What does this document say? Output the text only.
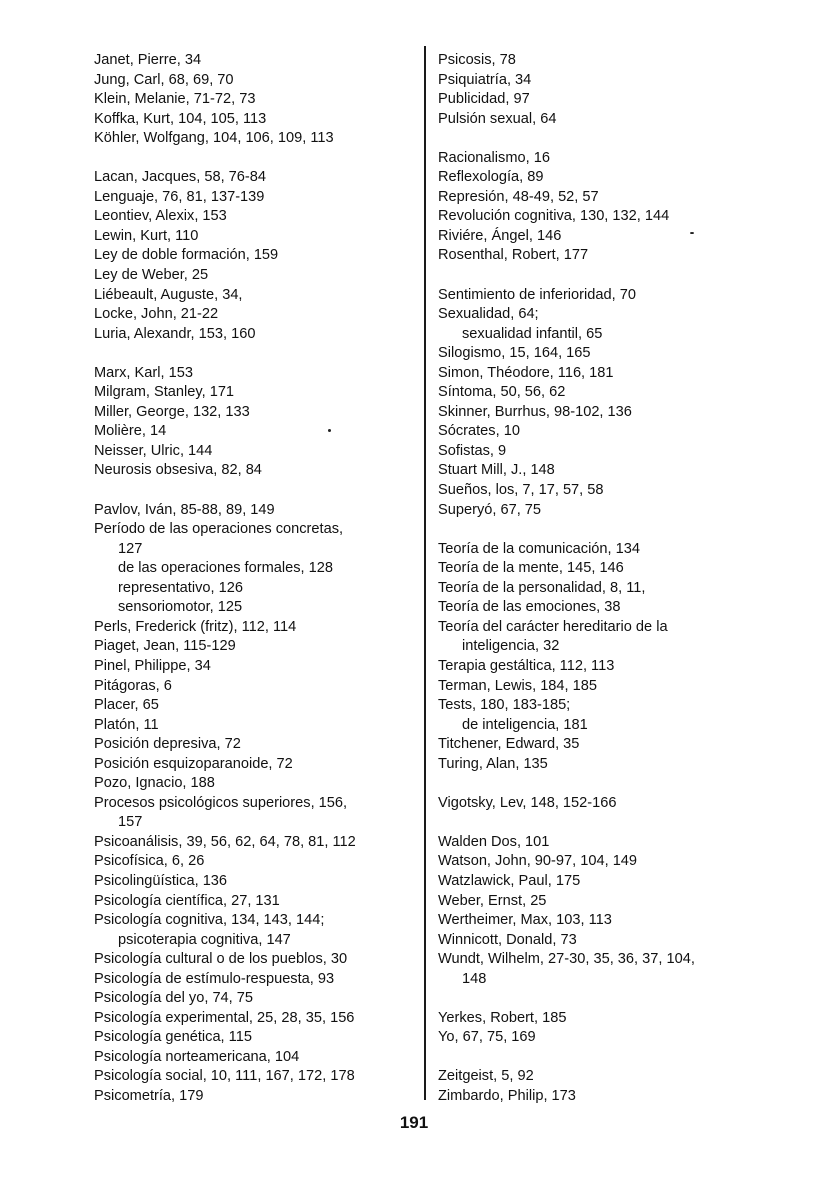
Janet, Pierre, 34
Jung, Carl, 68, 69, 70
Klein, Melanie, 71-72, 73
Koffka, Kurt, 104, 105, 113
Köhler, Wolfgang, 104, 106, 109, 113
Lacan, Jacques, 58, 76-84
Lenguaje, 76, 81, 137-139
Leontiev, Alexix, 153
Lewin, Kurt, 110
Ley de doble formación, 159
Ley de Weber, 25
Liébeault, Auguste, 34,
Locke, John, 21-22
Luria, Alexandr, 153, 160
Marx, Karl, 153
Milgram, Stanley, 171
Miller, George, 132, 133
Molière, 14
Neisser, Ulric, 144
Neurosis obsesiva, 82, 84
Pavlov, Iván, 85-88, 89, 149
Período de las operaciones concretas,
127
de las operaciones formales, 128
representativo, 126
sensoriomotor, 125
Perls, Frederick (fritz), 112, 114
Piaget, Jean, 115-129
Pinel, Philippe, 34
Pitágoras, 6
Placer, 65
Platón, 11
Posición depresiva, 72
Posición esquizoparanoide, 72
Pozo, Ignacio, 188
Procesos psicológicos superiores, 156,
157
Psicoanálisis, 39, 56, 62, 64, 78, 81, 112
Psicofísica, 6, 26
Psicolingüística, 136
Psicología científica, 27, 131
Psicología cognitiva, 134, 143, 144;
psicoterapia cognitiva, 147
Psicología cultural o de los pueblos, 30
Psicología de estímulo-respuesta, 93
Psicología del yo, 74, 75
Psicología experimental, 25, 28, 35, 156
Psicología genética, 115
Psicología norteamericana, 104
Psicología social, 10, 111, 167, 172, 178
Psicometría, 179
Psicosis, 78
Psiquiatría, 34
Publicidad, 97
Pulsión sexual, 64
Racionalismo, 16
Reflexología, 89
Represión, 48-49, 52, 57
Revolución cognitiva, 130, 132, 144
Riviére, Ángel, 146
Rosenthal, Robert, 177
Sentimiento de inferioridad, 70
Sexualidad, 64;
sexualidad infantil, 65
Silogismo, 15, 164, 165
Simon, Théodore, 116, 181
Síntoma, 50, 56, 62
Skinner, Burrhus, 98-102, 136
Sócrates, 10
Sofistas, 9
Stuart Mill, J., 148
Sueños, los, 7, 17, 57, 58
Superyó, 67, 75
Teoría de la comunicación, 134
Teoría de la mente, 145, 146
Teoría de la personalidad, 8, 11,
Teoría de las emociones, 38
Teoría del carácter hereditario de la
inteligencia, 32
Terapia gestáltica, 112, 113
Terman, Lewis, 184, 185
Tests, 180, 183-185;
de inteligencia, 181
Titchener, Edward, 35
Turing, Alan, 135
Vigotsky, Lev, 148, 152-166
Walden Dos, 101
Watson, John, 90-97, 104, 149
Watzlawick, Paul, 175
Weber, Ernst, 25
Wertheimer, Max, 103, 113
Winnicott, Donald, 73
Wundt, Wilhelm, 27-30, 35, 36, 37, 104,
148
Yerkes, Robert, 185
Yo, 67, 75, 169
Zeitgeist, 5, 92
Zimbardo, Philip, 173
191
